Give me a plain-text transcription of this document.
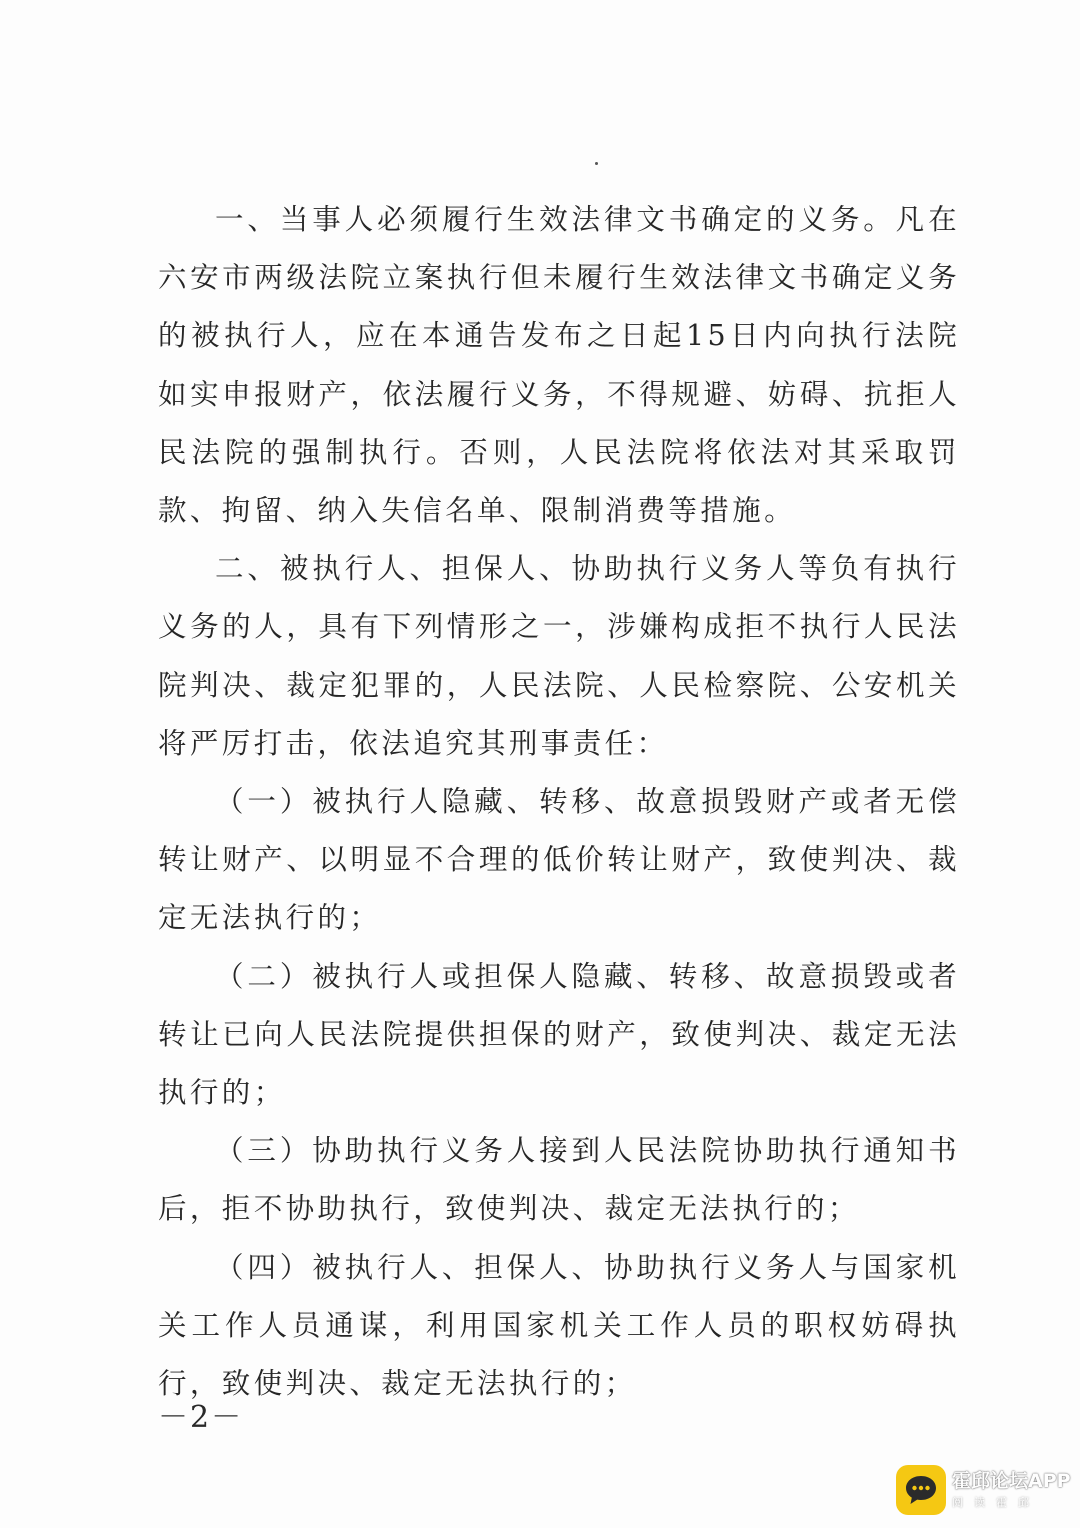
一、当事人必须履行生效法律文书确定的义务。凡在六安市两级法院立案执行但未履行生效法律文书确定义务的被执行人，应在本通告发布之日起15日内向执行法院如实申报财产，依法履行义务，不得规避、妨碍、抗拒人民法院的强制执行。否则，人民法院将依法对其采取罚款、拘留、纳入失信名单、限制消费等措施。

二、被执行人、担保人、协助执行义务人等负有执行义务的人，具有下列情形之一，涉嫌构成拒不执行人民法院判决、裁定犯罪的，人民法院、人民检察院、公安机关将严厉打击，依法追究其刑事责任：

（一）被执行人隐藏、转移、故意损毁财产或者无偿转让财产、以明显不合理的低价转让财产，致使判决、裁定无法执行的；

（二）被执行人或担保人隐藏、转移、故意损毁或者转让已向人民法院提供担保的财产，致使判决、裁定无法执行的；

（三）协助执行义务人接到人民法院协助执行通知书后，拒不协助执行，致使判决、裁定无法执行的；

（四）被执行人、担保人、协助执行义务人与国家机关工作人员通谋，利用国家机关工作人员的职权妨碍执行，致使判决、裁定无法执行的；

－2－
霍邱论坛APP
阅读霍邱
